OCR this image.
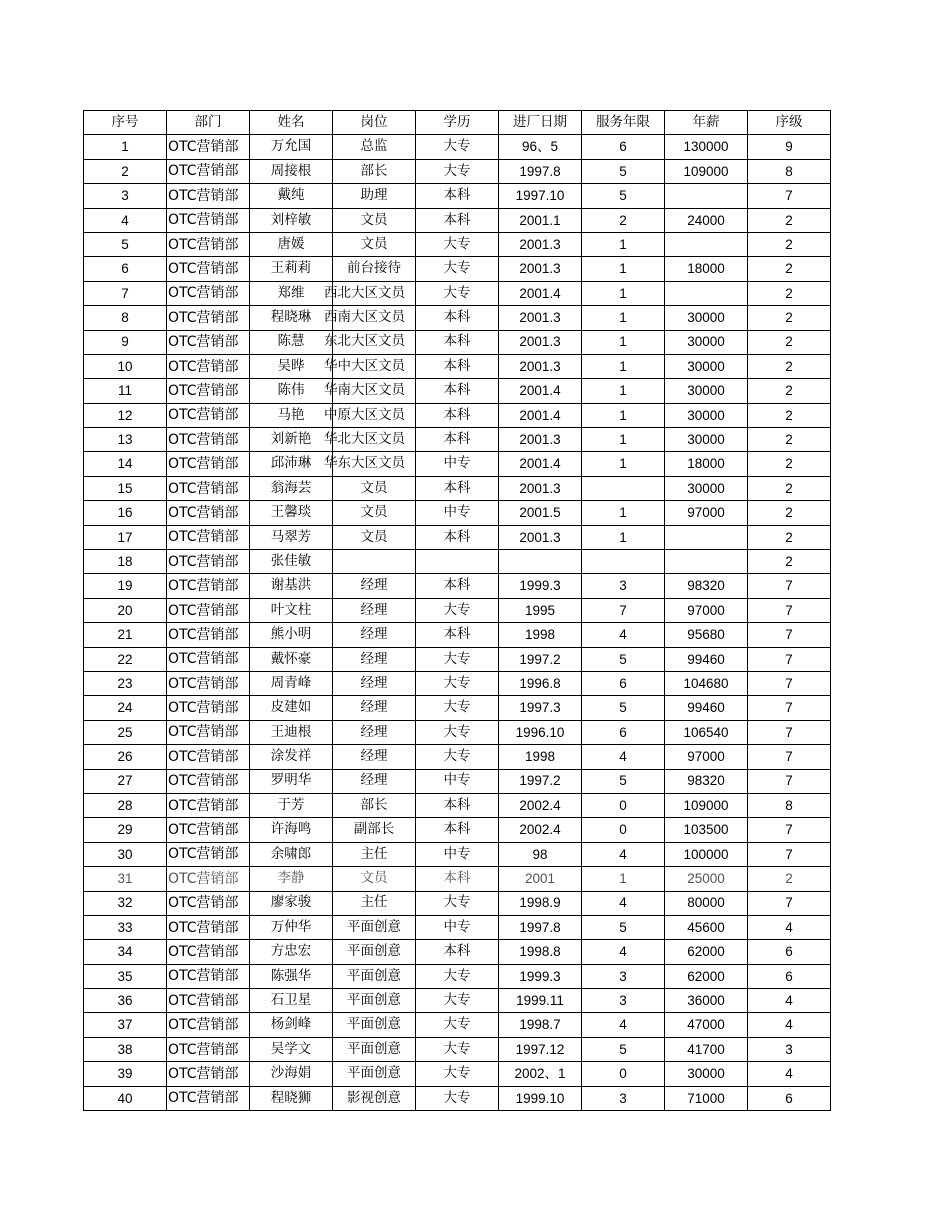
序号	部门	姓名	岗位	学历	进厂日期	服务年限	年薪	序级
1	OTC营销部	万允国	总监	大专	96、5	6	130000	9
2	OTC营销部	周接根	部长	大专	1997.8	5	109000	8
3	OTC营销部	戴纯	助理	本科	1997.10	5		7
4	OTC营销部	刘梓敏	文员	本科	2001.1	2	24000	2
5	OTC营销部	唐媛	文员	大专	2001.3	1		2
6	OTC营销部	王莉莉	前台接待	大专	2001.3	1	18000	2
7	OTC营销部	郑维	西北大区文员	大专	2001.4	1		2
8	OTC营销部	程晓琳	西南大区文员	本科	2001.3	1	30000	2
9	OTC营销部	陈慧	东北大区文员	本科	2001.3	1	30000	2
10	OTC营销部	吴晔	华中大区文员	本科	2001.3	1	30000	2
11	OTC营销部	陈伟	华南大区文员	本科	2001.4	1	30000	2
12	OTC营销部	马艳	中原大区文员	本科	2001.4	1	30000	2
13	OTC营销部	刘新艳	华北大区文员	本科	2001.3	1	30000	2
14	OTC营销部	邱沛琳	华东大区文员	中专	2001.4	1	18000	2
15	OTC营销部	翁海芸	文员	本科	2001.3		30000	2
16	OTC营销部	王馨琰	文员	中专	2001.5	1	97000	2
17	OTC营销部	马翠芳	文员	本科	2001.3	1		2
18	OTC营销部	张佳敏						2
19	OTC营销部	谢基洪	经理	本科	1999.3	3	98320	7
20	OTC营销部	叶文柱	经理	大专	1995	7	97000	7
21	OTC营销部	熊小明	经理	本科	1998	4	95680	7
22	OTC营销部	戴怀豪	经理	大专	1997.2	5	99460	7
23	OTC营销部	周青峰	经理	大专	1996.8	6	104680	7
24	OTC营销部	皮建如	经理	大专	1997.3	5	99460	7
25	OTC营销部	王迪根	经理	大专	1996.10	6	106540	7
26	OTC营销部	涂发祥	经理	大专	1998	4	97000	7
27	OTC营销部	罗明华	经理	中专	1997.2	5	98320	7
28	OTC营销部	于芳	部长	本科	2002.4	0	109000	8
29	OTC营销部	许海鸣	副部长	本科	2002.4	0	103500	7
30	OTC营销部	余啸郎	主任	中专	98	4	100000	7
31	OTC营销部	李静	文员	本科	2001	1	25000	2
32	OTC营销部	廖家骏	主任	大专	1998.9	4	80000	7
33	OTC营销部	万仲华	平面创意	中专	1997.8	5	45600	4
34	OTC营销部	方忠宏	平面创意	本科	1998.8	4	62000	6
35	OTC营销部	陈强华	平面创意	大专	1999.3	3	62000	6
36	OTC营销部	石卫星	平面创意	大专	1999.11	3	36000	4
37	OTC营销部	杨剑峰	平面创意	大专	1998.7	4	47000	4
38	OTC营销部	吴学文	平面创意	大专	1997.12	5	41700	3
39	OTC营销部	沙海娟	平面创意	大专	2002、1	0	30000	4
40	OTC营销部	程晓狮	影视创意	大专	1999.10	3	71000	6
